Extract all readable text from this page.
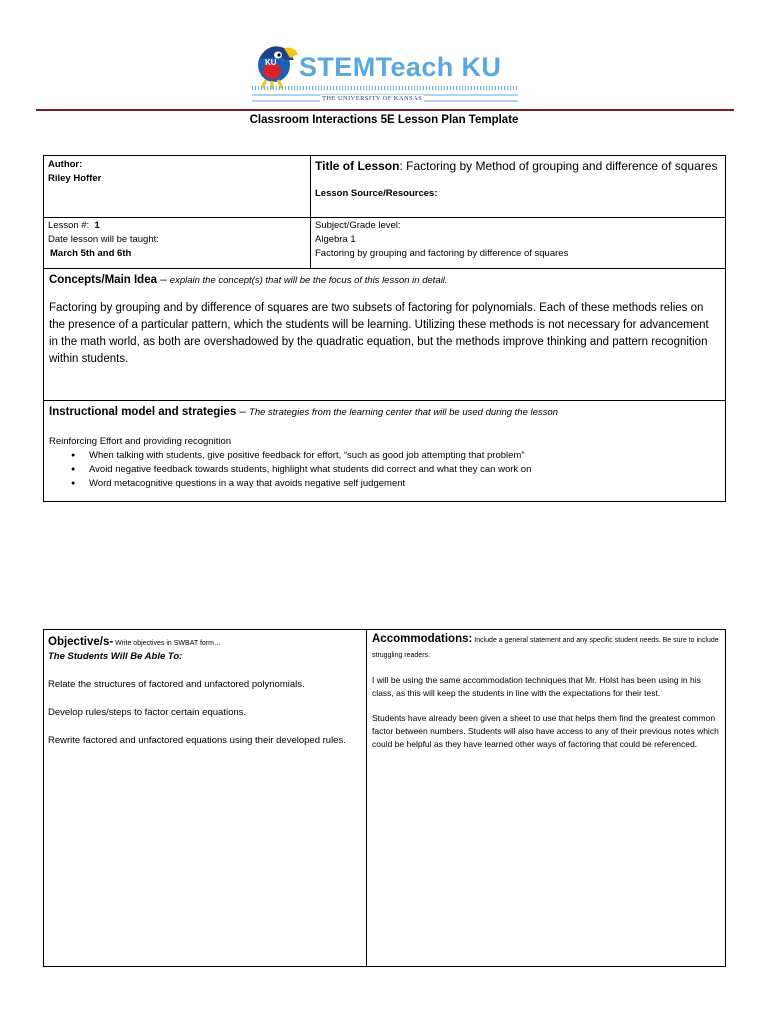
KU STEMTeach KU
THE UNIVERSITY OF KANSAS
Classroom Interactions 5E Lesson Plan Template
Author:
Riley Hoffer
Title of Lesson: Factoring by Method of grouping and difference of squares
Lesson Source/Resources:
Lesson #: 1
Date lesson will be taught:
March 5th and 6th
Subject/Grade level:
Algebra 1
Factoring by grouping and factoring by difference of squares
Concepts/Main Idea – explain the concept(s) that will be the focus of this lesson in detail.
Factoring by grouping and by difference of squares are two subsets of factoring for polynomials. Each of these methods relies on the presence of a particular pattern, which the students will be learning. Utilizing these methods is not necessary for advancement in the math world, as both are overshadowed by the quadratic equation, but the methods improve thinking and pattern recognition within students.
Instructional model and strategies – The strategies from the learning center that will be used during the lesson
Reinforcing Effort and providing recognition
● When talking with students, give positive feedback for effort, “such as good job attempting that problem”
● Avoid negative feedback towards students, highlight what students did correct and what they can work on
● Word metacognitive questions in a way that avoids negative self judgement
Objective/s- Write objectives in SWBAT form…
The Students Will Be Able To:

Relate the structures of factored and unfactored polynomials.

Develop rules/steps to factor certain equations.

Rewrite factored and unfactored equations using their developed rules.

Accommodations: Include a general statement and any specific student needs. Be sure to include struggling readers.

I will be using the same accommodation techniques that Mr. Holst has been using in his class, as this will keep the students in line with the expectations for their test.

Students have already been given a sheet to use that helps them find the greatest common factor between numbers. Students will also have access to any of their previous notes which could be helpful as they have learned other ways of factoring that could be referenced.
